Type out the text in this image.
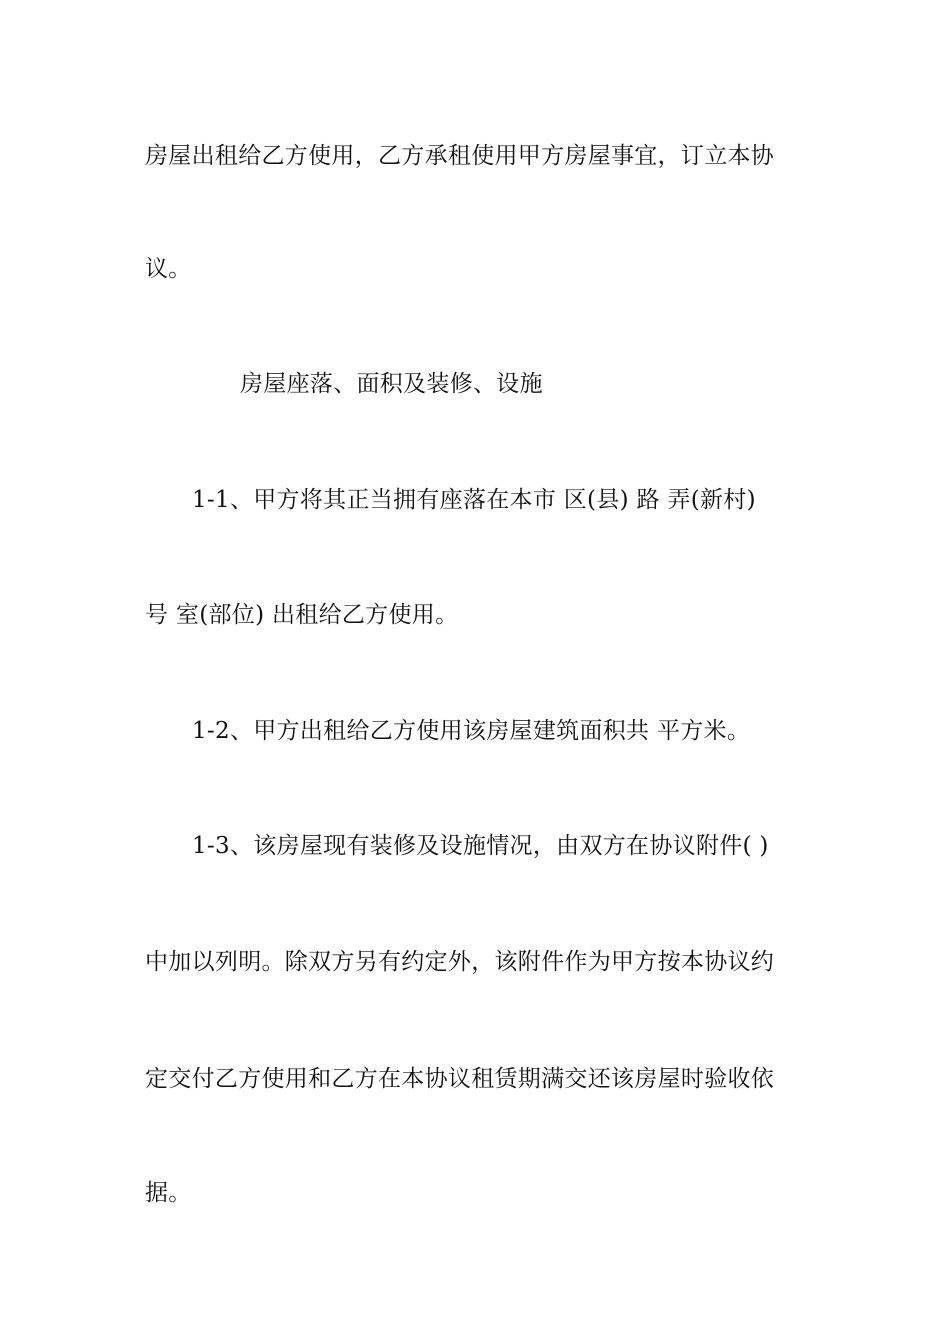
房屋出租给乙方使用，乙方承租使用甲方房屋事宜，订立本协
议。
房屋座落、面积及装修、设施
1-1、甲方将其正当拥有座落在本市 区(县) 路 弄(新村)
号 室(部位) 出租给乙方使用。
1-2、甲方出租给乙方使用该房屋建筑面积共 平方米。
1-3、该房屋现有装修及设施情况，由双方在协议附件( )
中加以列明。除双方另有约定外，该附件作为甲方按本协议约
定交付乙方使用和乙方在本协议租赁期满交还该房屋时验收依
据。
